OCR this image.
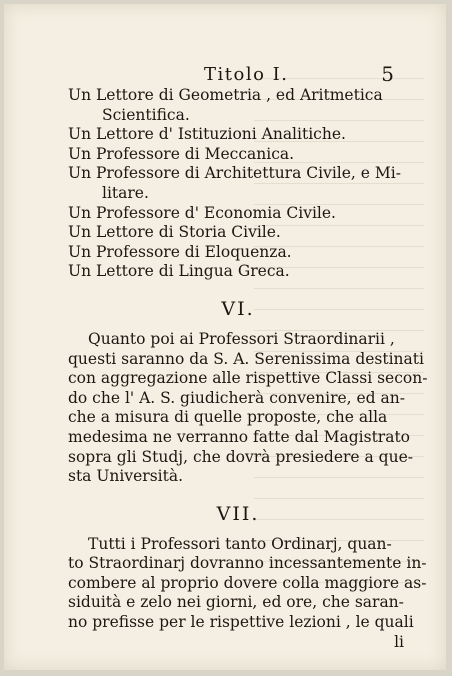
Titolo I.	5
Un Lettore di Geometria , ed Aritmetica
Scientifica.
Un Lettore d' Istituzioni Analitiche.
Un Professore di Meccanica.
Un Professore di Architettura Civile, e Mi-
litare.
Un Professore d' Economia Civile.
Un Lettore di Storia Civile.
Un Professore di Eloquenza.
Un Lettore di Lingua Greca.
VI.
Quanto poi ai Professori Straordinarii ,
questi saranno da S. A. Serenissima destinati
con aggregazione alle rispettive Classi secon-
do che l' A. S. giudicherà convenire, ed an-
che a misura di quelle proposte, che alla
medesima ne verranno fatte dal Magistrato
sopra gli Studj, che dovrà presiedere a que-
sta Università.
VII.
Tutti i Professori tanto Ordinarj, quan-
to Straordinarj dovranno incessantemente in-
combere al proprio dovere colla maggiore as-
siduità e zelo nei giorni, ed ore, che saran-
no prefisse per le rispettive lezioni , le quali
li
